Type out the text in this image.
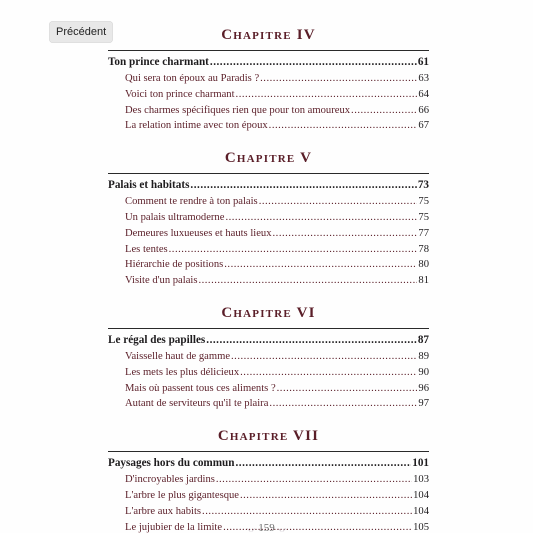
Précédent	Chapitre IV
Ton prince charmant .....	61
Qui sera ton époux au Paradis ? .....	63
Voici ton prince charmant .....	64
Des charmes spécifiques rien que pour ton amoureux .....	66
La relation intime avec ton époux .....	67
Chapitre V
Palais et habitats .....	73
Comment te rendre à ton palais .....	75
Un palais ultramoderne .....	75
Demeures luxueuses et hauts lieux .....	77
Les tentes .....	78
Hiérarchie de positions .....	80
Visite d'un palais .....	81
Chapitre VI
Le régal des papilles .....	87
Vaisselle haut de gamme .....	89
Les mets les plus délicieux .....	90
Mais où passent tous ces aliments ? .....	96
Autant de serviteurs qu'il te plaira .....	97
Chapitre VII
Paysages hors du commun .....	101
D'incroyables jardins .....	103
L'arbre le plus gigantesque .....	104
L'arbre aux habits .....	104
Le jujubier de la limite .....	105
⸜⸝ 159 ⸜⸝
